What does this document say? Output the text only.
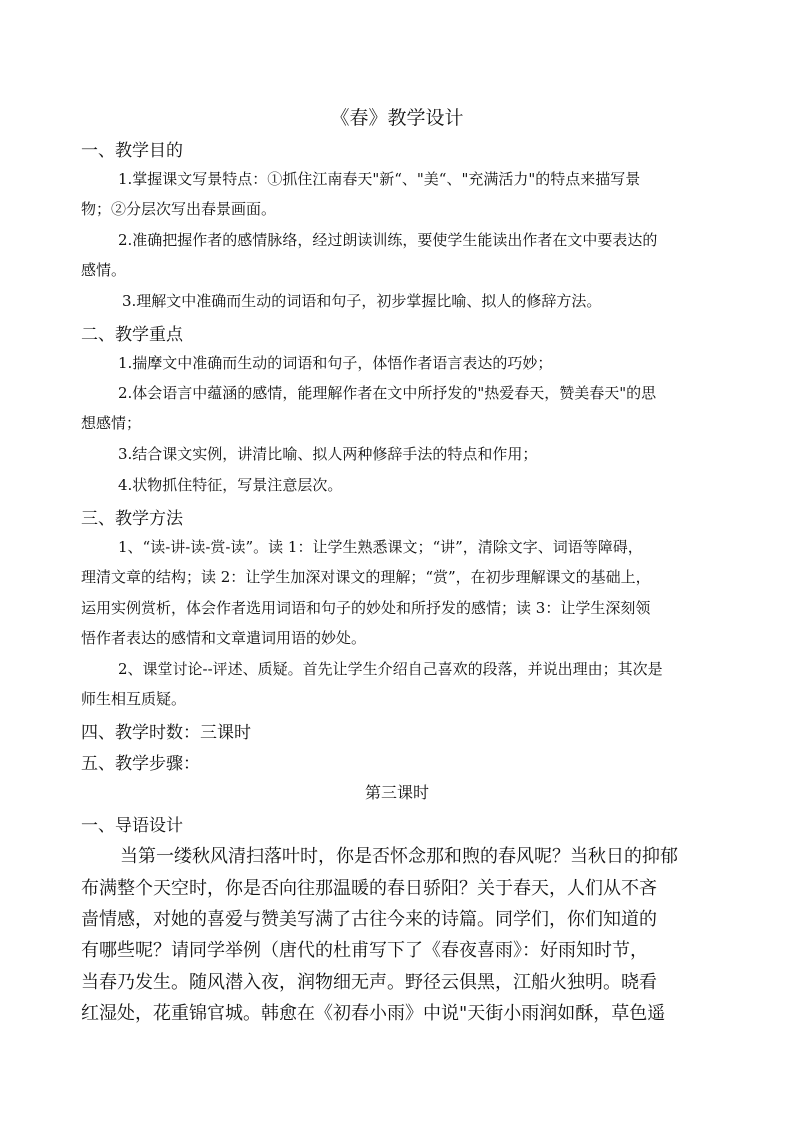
《春》教学设计
一、教学目的
1.掌握课文写景特点：①抓住江南春天"新“、"美“、"充满活力"的特点来描写景
物；②分层次写出春景画面。
2.准确把握作者的感情脉络，经过朗读训练，要使学生能读出作者在文中要表达的
感情。
3.理解文中准确而生动的词语和句子，初步掌握比喻、拟人的修辞方法。
二、教学重点
1.揣摩文中准确而生动的词语和句子，体悟作者语言表达的巧妙；
2.体会语言中蕴涵的感情，能理解作者在文中所抒发的"热爱春天，赞美春天"的思
想感情；
3.结合课文实例，讲清比喻、拟人两种修辞手法的特点和作用；
4.状物抓住特征，写景注意层次。
三、教学方法
1、“读-讲-读-赏-读”。读 1：让学生熟悉课文；“讲”，清除文字、词语等障碍，
理清文章的结构；读 2：让学生加深对课文的理解；“赏”，在初步理解课文的基础上，
运用实例赏析，体会作者选用词语和句子的妙处和所抒发的感情；读 3：让学生深刻领
悟作者表达的感情和文章遣词用语的妙处。
2、课堂讨论--评述、质疑。首先让学生介绍自己喜欢的段落，并说出理由；其次是
师生相互质疑。
四、教学时数：三课时
五、教学步骤：
第三课时
一、导语设计
当第一缕秋风清扫落叶时，你是否怀念那和煦的春风呢？当秋日的抑郁
布满整个天空时，你是否向往那温暖的春日骄阳？关于春天，人们从不吝
啬情感，对她的喜爱与赞美写满了古往今来的诗篇。同学们，你们知道的
有哪些呢？请同学举例（唐代的杜甫写下了《春夜喜雨》：好雨知时节，
当春乃发生。随风潜入夜，润物细无声。野径云俱黑，江船火独明。晓看
红湿处，花重锦官城。韩愈在《初春小雨》中说"天街小雨润如酥，草色遥
